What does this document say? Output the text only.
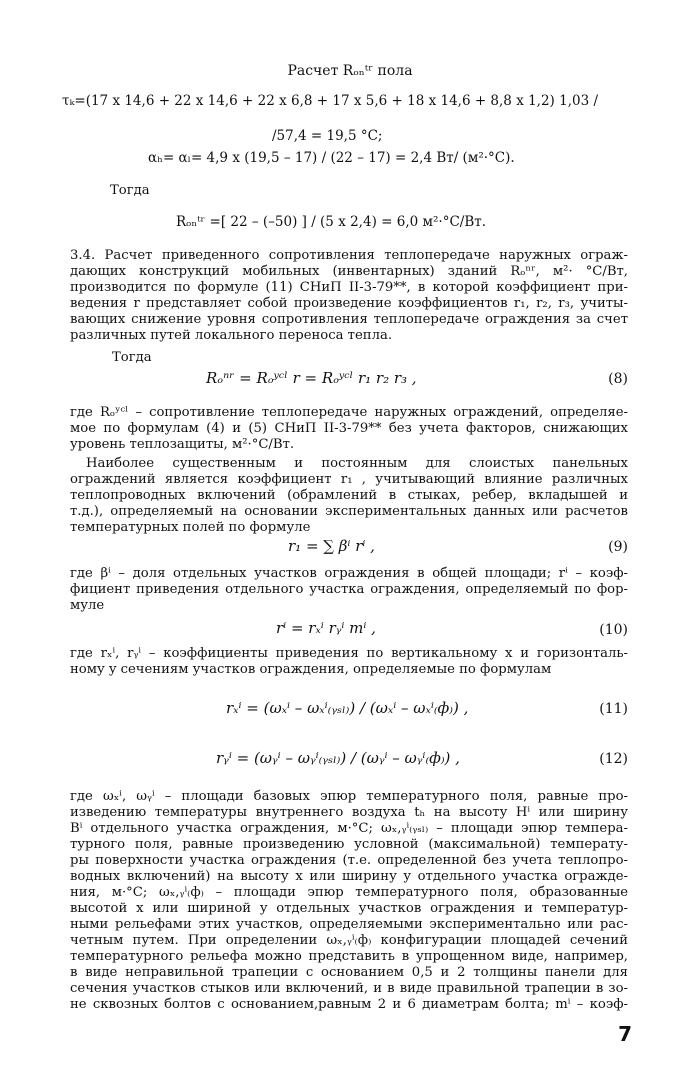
Расчет Rₒₙᵗʳ пола
τₖ=(17 x 14,6 + 22 x 14,6 + 22 x 6,8 + 17 x 5,6 + 18 x 14,6 + 8,8 x 1,2) 1,03 /
/57,4 = 19,5 °C;
αₕ= αₗ= 4,9 x (19,5 – 17) / (22 – 17) = 2,4 Вт/ (м²·°C).
Тогда
Rₒₙᵗʳ =[ 22 – (–50) ] / (5 x 2,4) = 6,0 м²·°C/Вт.
3.4. Расчет приведенного сопротивления теплопередаче наружных ограж-
дающих конструкций мобильных (инвентарных) зданий Rₒⁿʳ, м²· °C/Вт,
производится по формуле (11) СНиП II-3-79**, в которой коэффициент при-
ведения r представляет собой произведение коэффициентов r₁, r₂, r₃, учиты-
вающих снижение уровня сопротивления теплопередаче ограждения за счет
различных путей локального переноса тепла.
Тогда
Rₒⁿʳ = Rₒʸᶜˡ r = Rₒʸᶜˡ r₁ r₂ r₃ ,	(8)
где Rₒʸᶜˡ – сопротивление теплопередаче наружных ограждений, определяе-
мое по формулам (4) и (5) СНиП II-3-79** без учета факторов, снижающих
уровень теплозащиты, м²·°C/Вт.
Наиболее существенным и постоянным для слоистых панельных
ограждений является коэффициент r₁ , учитывающий влияние различных
теплопроводных включений (обрамлений в стыках, ребер, вкладышей и
т.д.), определяемый на основании экспериментальных данных или расчетов
температурных полей по формуле
r₁ = ∑ βⁱ rⁱ ,	(9)
где βⁱ – доля отдельных участков ограждения в общей площади; rⁱ – коэф-
фициент приведения отдельного участка ограждения, определяемый по фор-
муле
rⁱ = rₓⁱ rᵧⁱ mⁱ ,	(10)
где rₓⁱ, rᵧⁱ – коэффициенты приведения по вертикальному x и горизонталь-
ному y сечениям участков ограждения, определяемые по формулам
rₓⁱ = (ωₓⁱ – ωₓⁱ₍ᵧₛₗ₎) / (ωₓⁱ – ωₓⁱ₍ф₎) ,	(11)
rᵧⁱ = (ωᵧⁱ – ωᵧⁱ₍ᵧₛₗ₎) / (ωᵧⁱ – ωᵧⁱ₍ф₎) ,	(12)
где ωₓⁱ, ωᵧⁱ – площади базовых эпюр температурного поля, равные про-
изведению температуры внутреннего воздуха tₕ на высоту Hⁱ или ширину
Bⁱ отдельного участка ограждения, м·°C; ωₓ,ᵧⁱ₍ᵧₛₗ₎ – площади эпюр темпера-
турного поля, равные произведению условной (максимальной) температу-
ры поверхности участка ограждения (т.е. определенной без учета теплопро-
водных включений) на высоту x или ширину y отдельного участка огражде-
ния, м·°C; ωₓ,ᵧⁱ₍ф₎ – площади эпюр температурного поля, образованные
высотой x или шириной y отдельных участков ограждения и температур-
ными рельефами этих участков, определяемыми экспериментально или рас-
четным путем. При определении ωₓ,ᵧⁱ₍ф₎ конфигурации площадей сечений
температурного рельефа можно представить в упрощенном виде, например,
в виде неправильной трапеции с основанием 0,5 и 2 толщины панели для
сечения участков стыков или включений, и в виде правильной трапеции в зо-
не сквозных болтов с основанием,равным 2 и 6 диаметрам болта; mⁱ – коэф-
7
